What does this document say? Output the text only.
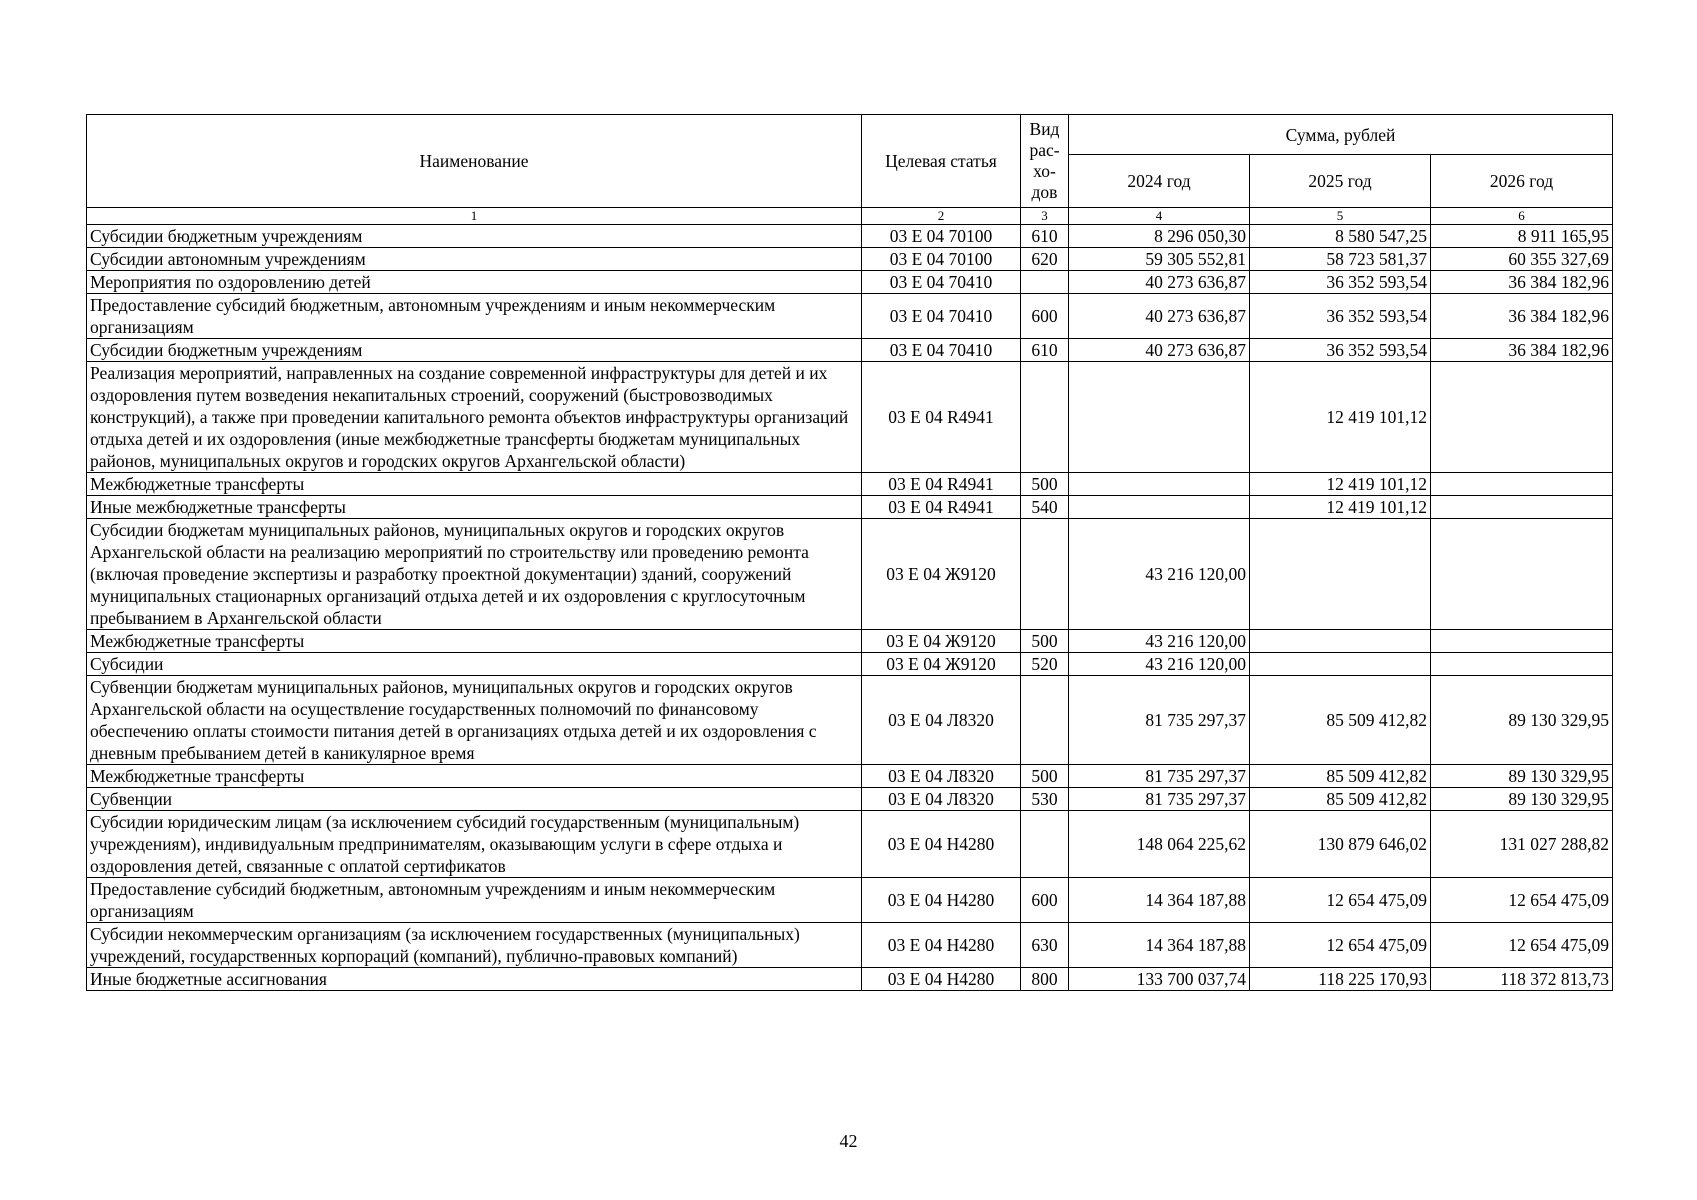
Наименование	Целевая статья	Вид рас- хо- дов	Сумма, рублей		
			2024 год	2025 год	2026 год
1	2	3	4	5	6
Субсидии бюджетным учреждениям	03 Е 04 70100	610	8 296 050,30	8 580 547,25	8 911 165,95
Субсидии автономным учреждениям	03 Е 04 70100	620	59 305 552,81	58 723 581,37	60 355 327,69
Мероприятия по оздоровлению детей	03 Е 04 70410		40 273 636,87	36 352 593,54	36 384 182,96
Предоставление субсидий бюджетным, автономным учреждениям и иным некоммерческим организациям	03 Е 04 70410	600	40 273 636,87	36 352 593,54	36 384 182,96
Субсидии бюджетным учреждениям	03 Е 04 70410	610	40 273 636,87	36 352 593,54	36 384 182,96
Реализация мероприятий, направленных на создание современной инфраструктуры для детей и их оздоровления путем возведения некапитальных строений, сооружений (быстровозводимых конструкций), а также при проведении капитального ремонта объектов инфраструктуры организаций отдыха детей и их оздоровления (иные межбюджетные трансферты бюджетам муниципальных районов, муниципальных округов и городских округов Архангельской области)	03 Е 04 R4941			12 419 101,12	
Межбюджетные трансферты	03 Е 04 R4941	500		12 419 101,12	
Иные межбюджетные трансферты	03 Е 04 R4941	540		12 419 101,12	
Субсидии бюджетам муниципальных районов, муниципальных округов и городских округов Архангельской области на реализацию мероприятий по строительству или проведению ремонта (включая проведение экспертизы и разработку проектной документации) зданий, сооружений муниципальных стационарных организаций отдыха детей и их оздоровления с круглосуточным пребыванием в Архангельской области	03 Е 04 Ж9120		43 216 120,00		
Межбюджетные трансферты	03 Е 04 Ж9120	500	43 216 120,00		
Субсидии	03 Е 04 Ж9120	520	43 216 120,00		
Субвенции бюджетам муниципальных районов, муниципальных округов и городских округов Архангельской области на осуществление государственных полномочий по финансовому обеспечению оплаты стоимости питания детей в организациях отдыха детей и их оздоровления с дневным пребыванием детей в каникулярное время	03 Е 04 Л8320		81 735 297,37	85 509 412,82	89 130 329,95
Межбюджетные трансферты	03 Е 04 Л8320	500	81 735 297,37	85 509 412,82	89 130 329,95
Субвенции	03 Е 04 Л8320	530	81 735 297,37	85 509 412,82	89 130 329,95
Субсидии юридическим лицам (за исключением субсидий государственным (муниципальным) учреждениям), индивидуальным предпринимателям, оказывающим услуги в сфере отдыха и оздоровления детей, связанные с оплатой сертификатов	03 Е 04 Н4280		148 064 225,62	130 879 646,02	131 027 288,82
Предоставление субсидий бюджетным, автономным учреждениям и иным некоммерческим организациям	03 Е 04 Н4280	600	14 364 187,88	12 654 475,09	12 654 475,09
Субсидии некоммерческим организациям (за исключением государственных (муниципальных) учреждений, государственных корпораций (компаний), публично-правовых компаний)	03 Е 04 Н4280	630	14 364 187,88	12 654 475,09	12 654 475,09
Иные бюджетные ассигнования	03 Е 04 Н4280	800	133 700 037,74	118 225 170,93	118 372 813,73
42
